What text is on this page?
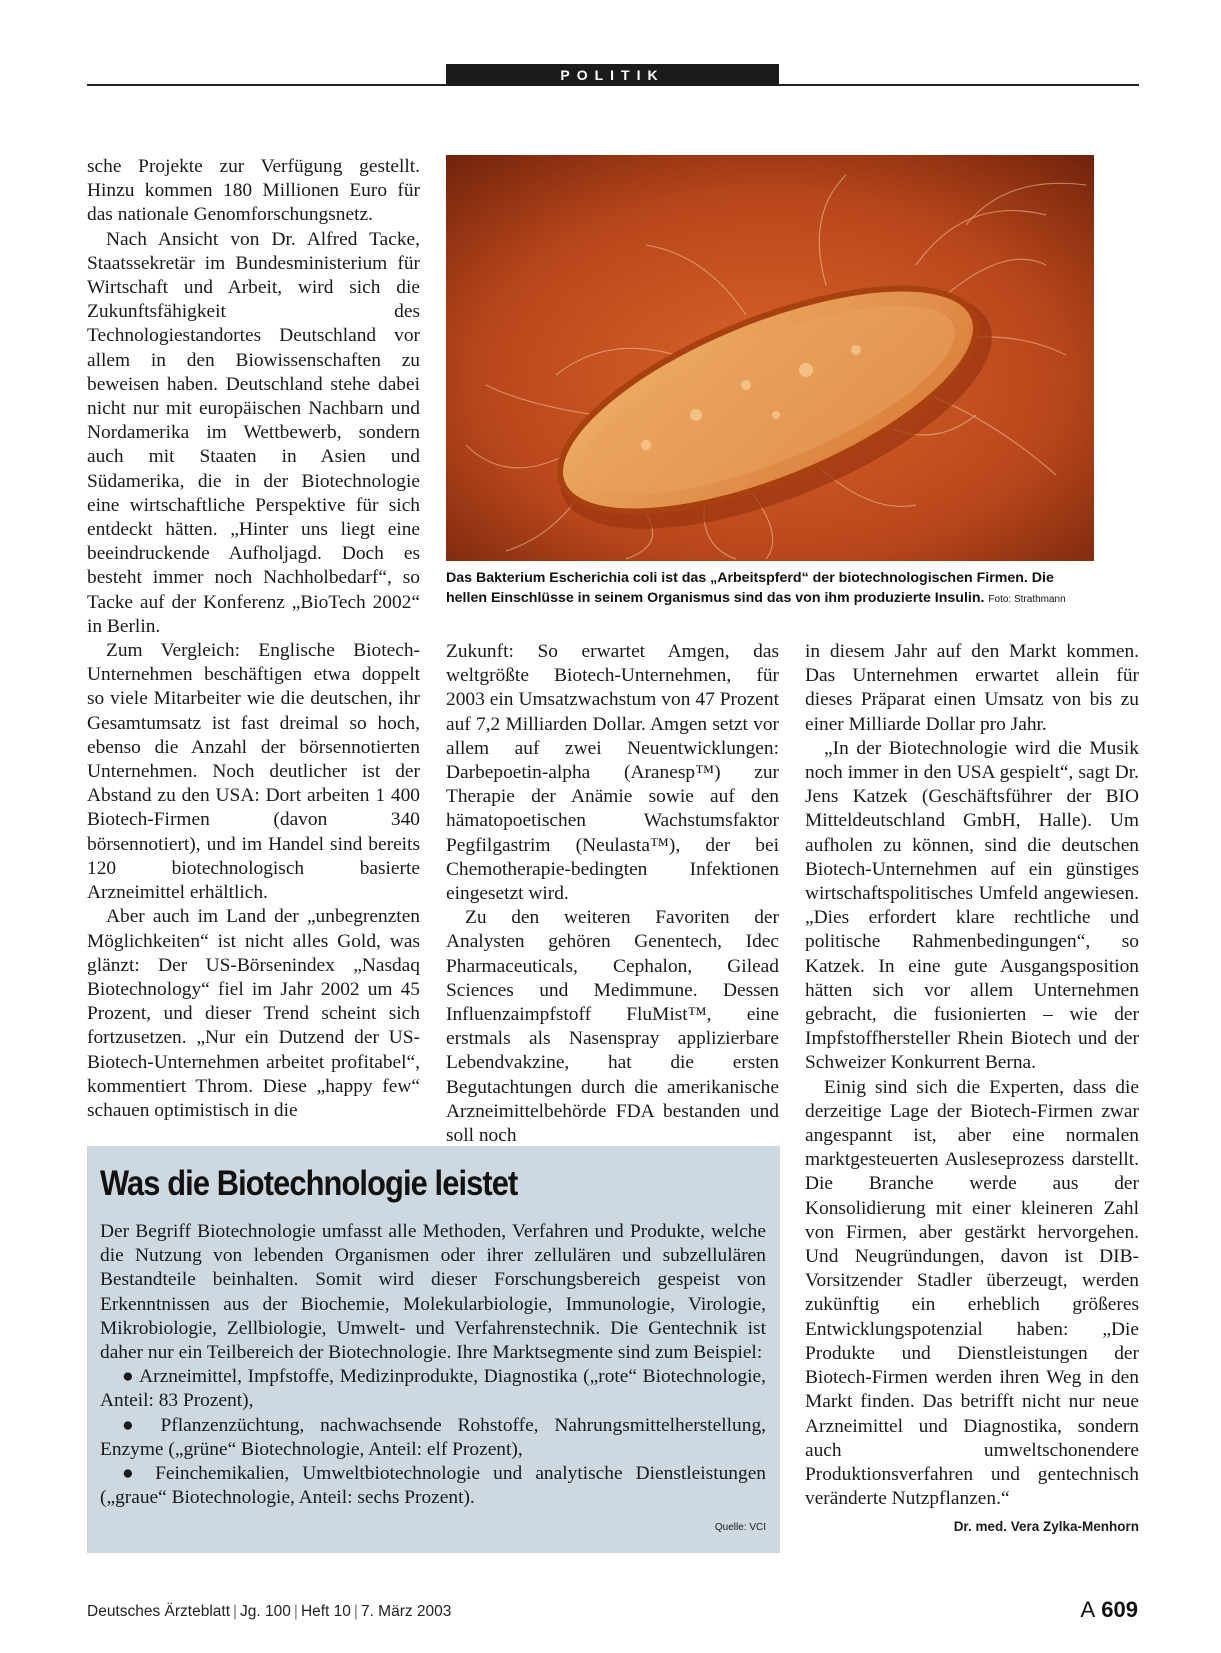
POLITIK

sche Projekte zur Verfügung gestellt. Hinzu kommen 180 Millionen Euro für das nationale Genomforschungsnetz.

Nach Ansicht von Dr. Alfred Tacke, Staatssekretär im Bundesministerium für Wirtschaft und Arbeit, wird sich die Zukunftsfähigkeit des Technologiestandortes Deutschland vor allem in den Biowissenschaften zu beweisen haben. Deutschland stehe dabei nicht nur mit europäischen Nachbarn und Nordamerika im Wettbewerb, sondern auch mit Staaten in Asien und Südamerika, die in der Biotechnologie eine wirtschaftliche Perspektive für sich entdeckt hätten. „Hinter uns liegt eine beeindruckende Aufholjagd. Doch es besteht immer noch Nachholbedarf“, so Tacke auf der Konferenz „BioTech 2002“ in Berlin.

Zum Vergleich: Englische Biotech-Unternehmen beschäftigen etwa doppelt so viele Mitarbeiter wie die deutschen, ihr Gesamtumsatz ist fast dreimal so hoch, ebenso die Anzahl der börsennotierten Unternehmen. Noch deutlicher ist der Abstand zu den USA: Dort arbeiten 1 400 Biotech-Firmen (davon 340 börsennotiert), und im Handel sind bereits 120 biotechnologisch basierte Arzneimittel erhältlich.

Aber auch im Land der „unbegrenzten Möglichkeiten“ ist nicht alles Gold, was glänzt: Der US-Börsenindex „Nasdaq Biotechnology“ fiel im Jahr 2002 um 45 Prozent, und dieser Trend scheint sich fortzusetzen. „Nur ein Dutzend der US-Biotech-Unternehmen arbeitet profitabel“, kommentiert Throm. Diese „happy few“ schauen optimistisch in die

Das Bakterium Escherichia coli ist das „Arbeitspferd“ der biotechnologischen Firmen. Die hellen Einschlüsse in seinem Organismus sind das von ihm produzierte Insulin. Foto: Strathmann

Zukunft: So erwartet Amgen, das weltgrößte Biotech-Unternehmen, für 2003 ein Umsatzwachstum von 47 Prozent auf 7,2 Milliarden Dollar. Amgen setzt vor allem auf zwei Neuentwicklungen: Darbepoetin-alpha (Aranesp™) zur Therapie der Anämie sowie auf den hämatopoetischen Wachstumsfaktor Pegfilgastrim (Neulasta™), der bei Chemotherapie-bedingten Infektionen eingesetzt wird.

Zu den weiteren Favoriten der Analysten gehören Genentech, Idec Pharmaceuticals, Cephalon, Gilead Sciences und Medimmune. Dessen Influenzaimpfstoff FluMist™, eine erstmals als Nasenspray applizierbare Lebendvakzine, hat die ersten Begutachtungen durch die amerikanische Arzneimittelbehörde FDA bestanden und soll noch

in diesem Jahr auf den Markt kommen. Das Unternehmen erwartet allein für dieses Präparat einen Umsatz von bis zu einer Milliarde Dollar pro Jahr.

„In der Biotechnologie wird die Musik noch immer in den USA gespielt“, sagt Dr. Jens Katzek (Geschäftsführer der BIO Mitteldeutschland GmbH, Halle). Um aufholen zu können, sind die deutschen Biotech-Unternehmen auf ein günstiges wirtschaftspolitisches Umfeld angewiesen. „Dies erfordert klare rechtliche und politische Rahmenbedingungen“, so Katzek. In eine gute Ausgangsposition hätten sich vor allem Unternehmen gebracht, die fusionierten – wie der Impfstoffhersteller Rhein Biotech und der Schweizer Konkurrent Berna.

Einig sind sich die Experten, dass die derzeitige Lage der Biotech-Firmen zwar angespannt ist, aber eine normalen marktgesteuerten Ausleseprozess darstellt. Die Branche werde aus der Konsolidierung mit einer kleineren Zahl von Firmen, aber gestärkt hervorgehen. Und Neugründungen, davon ist DIB-Vorsitzender Stadler überzeugt, werden zukünftig ein erheblich größeres Entwicklungspotenzial haben: „Die Produkte und Dienstleistungen der Biotech-Firmen werden ihren Weg in den Markt finden. Das betrifft nicht nur neue Arzneimittel und Diagnostika, sondern auch umweltschonendere Produktionsverfahren und gentechnisch veränderte Nutzpflanzen.“

Dr. med. Vera Zylka-Menhorn
Was die Biotechnologie leistet

Der Begriff Biotechnologie umfasst alle Methoden, Verfahren und Produkte, welche die Nutzung von lebenden Organismen oder ihrer zellulären und subzellulären Bestandteile beinhalten. Somit wird dieser Forschungsbereich gespeist von Erkenntnissen aus der Biochemie, Molekularbiologie, Immunologie, Virologie, Mikrobiologie, Zellbiologie, Umwelt- und Verfahrenstechnik. Die Gentechnik ist daher nur ein Teilbereich der Biotechnologie. Ihre Marktsegmente sind zum Beispiel:

● Arzneimittel, Impfstoffe, Medizinprodukte, Diagnostika („rote“ Biotechnologie, Anteil: 83 Prozent),

● Pflanzenzüchtung, nachwachsende Rohstoffe, Nahrungsmittelherstellung, Enzyme („grüne“ Biotechnologie, Anteil: elf Prozent),

● Feinchemikalien, Umweltbiotechnologie und analytische Dienstleistungen („graue“ Biotechnologie, Anteil: sechs Prozent).

Quelle: VCI
Deutsches Ärzteblatt | Jg. 100 | Heft 10 | 7. März 2003	A 609
